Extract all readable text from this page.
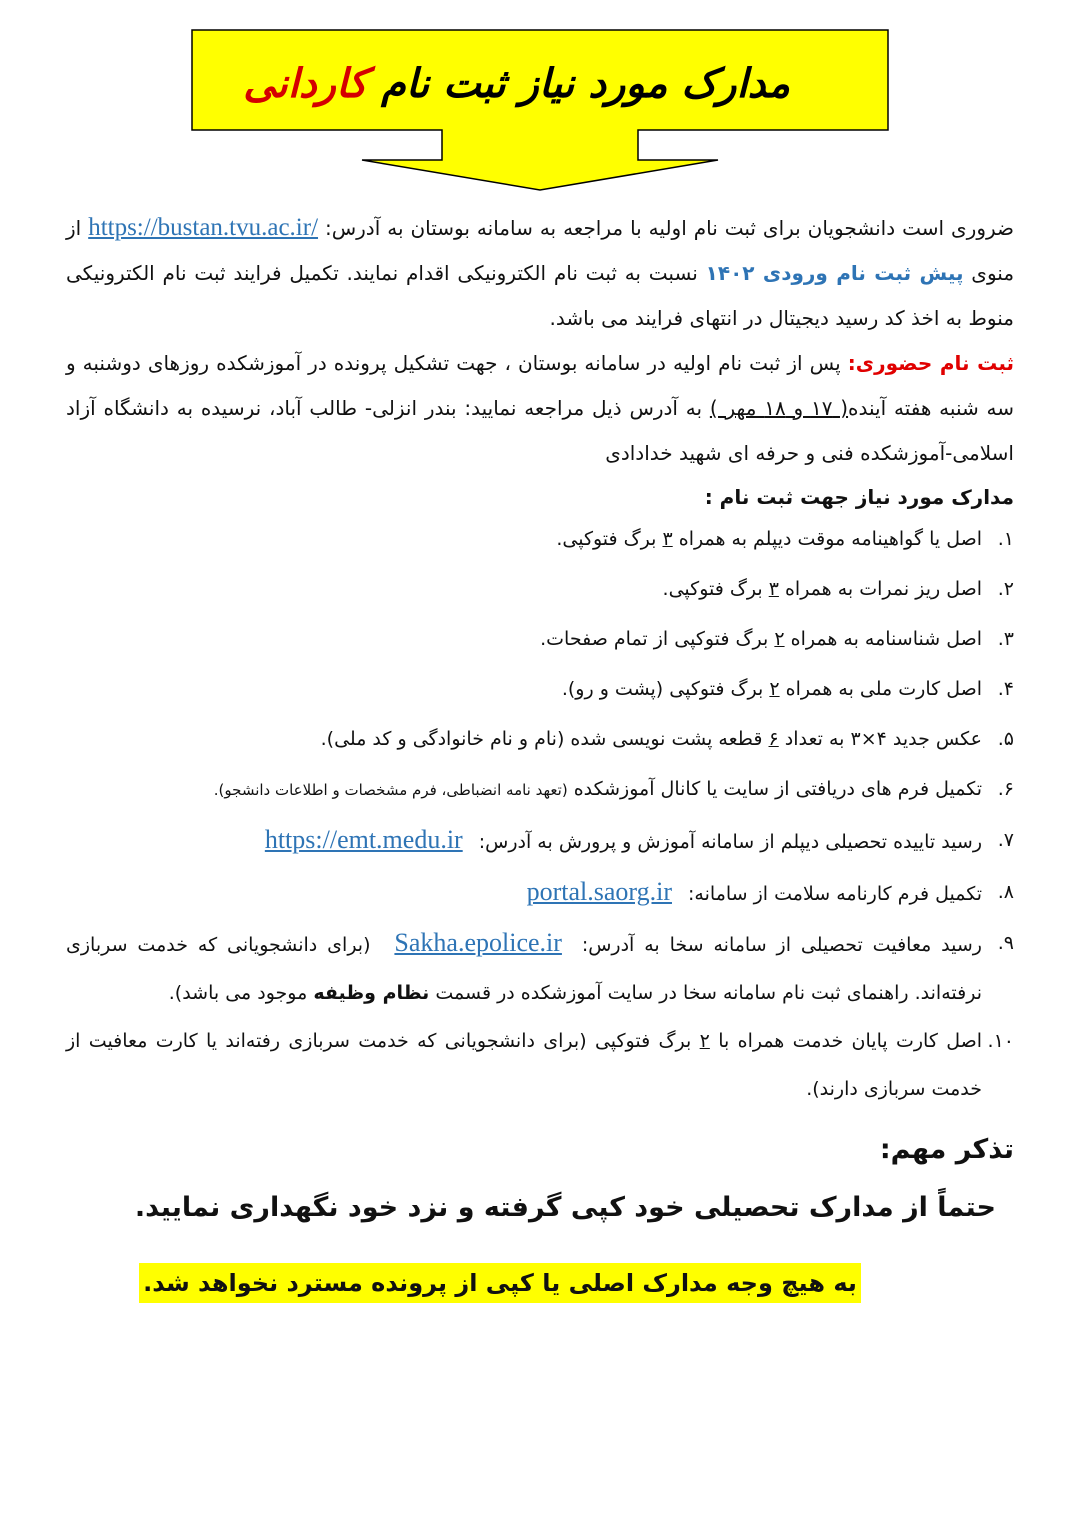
مدارک مورد نیاز ثبت نام کاردانی

ضروری است دانشجویان برای ثبت نام اولیه با مراجعه به سامانه بوستان به آدرس: https://bustan.tvu.ac.ir/ از منوی پیش ثبت نام ورودی ۱۴۰۲ نسبت به ثبت نام الکترونیکی اقدام نمایند. تکمیل فرایند ثبت نام الکترونیکی منوط به اخذ کد رسید دیجیتال در انتهای فرایند می باشد.

ثبت نام حضوری: پس از ثبت نام اولیه در سامانه بوستان ، جهت تشکیل پرونده در آموزشکده روزهای دوشنبه و سه شنبه هفته آینده( ۱۷ و ۱۸ مهر ) به آدرس ذیل مراجعه نمایید: بندر انزلی- طالب آباد، نرسیده به دانشگاه آزاد اسلامی-آموزشکده فنی و حرفه ای شهید خدادادی

مدارک مورد نیاز جهت ثبت نام :

۱.
اصل یا گواهینامه موقت دیپلم به همراه ۳ برگ فتوکپی.
۲.
اصل ریز نمرات به همراه ۳ برگ فتوکپی.
۳.
اصل شناسنامه به همراه ۲ برگ فتوکپی از تمام صفحات.
۴.
اصل کارت ملی به همراه ۲ برگ فتوکپی (پشت و رو).
۵.
عکس جدید ۴×۳ به تعداد ۶ قطعه پشت نویسی شده (نام و نام خانوادگی و کد ملی).
۶.
تکمیل فرم های دریافتی از سایت یا کانال آموزشکده (تعهد نامه انضباطی، فرم مشخصات و اطلاعات دانشجو).
۷.
رسید تاییده تحصیلی دیپلم از سامانه آموزش و پرورش به آدرس: https://emt.medu.ir
۸.
تکمیل فرم کارنامه سلامت از سامانه: portal.saorg.ir
۹.
رسید معافیت تحصیلی از سامانه سخا به آدرس: Sakha.epolice.ir (برای دانشجویانی که خدمت سربازی نرفته‌اند. راهنمای ثبت نام سامانه سخا در سایت آموزشکده در قسمت نظام وظیفه موجود می باشد).
۱۰.
اصل کارت پایان خدمت همراه با ۲ برگ فتوکپی (برای دانشجویانی که خدمت سربازی رفته‌اند یا کارت معافیت از خدمت سربازی دارند).

تذکر مهم:

حتماً از مدارک تحصیلی خود کپی گرفته و نزد خود نگهداری نمایید.

به هیچ وجه مدارک اصلی یا کپی از پرونده مسترد نخواهد شد.
